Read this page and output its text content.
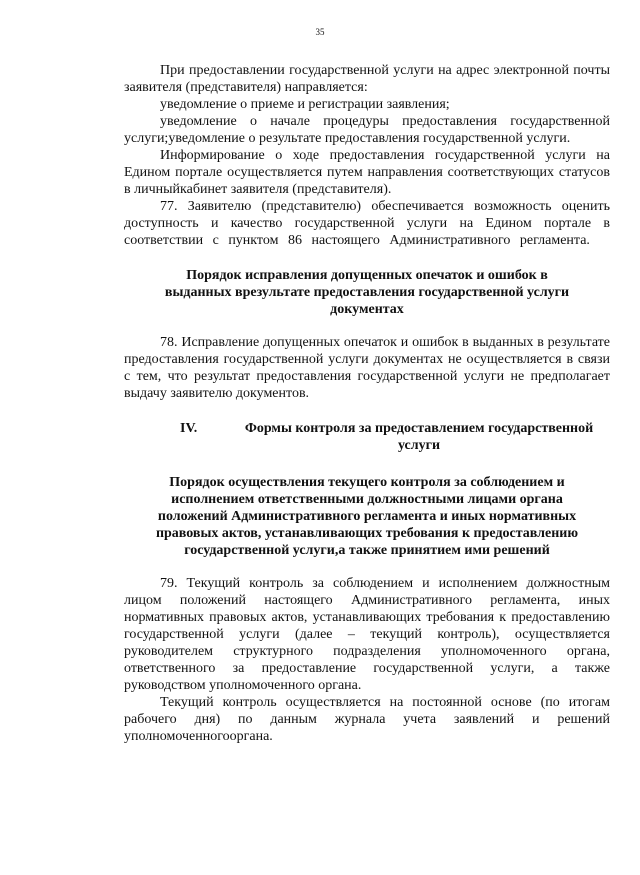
35

При предоставлении государственной услуги на адрес электронной почты заявителя (представителя) направляется:

уведомление о приеме и регистрации заявления;

уведомление о начале процедуры предоставления государственной услуги;уведомление о результате предоставления государственной услуги.

Информирование о ходе предоставления государственной услуги на Едином портале осуществляется путем направления соответствующих статусов в личныйкабинет заявителя (представителя).

77. Заявителю (представителю) обеспечивается возможность оценить доступность и качество государственной услуги на Едином портале в соответствии с пунктом 86 настоящего Административного регламента.

Порядок исправления допущенных опечаток и ошибок в
выданных врезультате предоставления государственной услуги
документах

78. Исправление допущенных опечаток и ошибок в выданных в результате предоставления государственной услуги документах не осуществляется в связи с тем, что результат предоставления государственной услуги не предполагает выдачу заявителю документов.

IV.	Формы контроля за предоставлением государственной
услуги
Порядок осуществления текущего контроля за соблюдением и
исполнением ответственными должностными лицами органа
положений Административного регламента и иных нормативных
правовых актов, устанавливающих требования к предоставлению
государственной услуги,а также принятием ими решений

79. Текущий контроль за соблюдением и исполнением должностным лицом положений настоящего Административного регламента, иных нормативных правовых актов, устанавливающих требования к предоставлению государственной услуги (далее – текущий контроль), осуществляется руководителем структурного подразделения уполномоченного органа, ответственного за предоставление государственной услуги, а также руководством уполномоченного органа.

Текущий контроль осуществляется на постоянной основе (по итогам рабочего дня) по данным журнала учета заявлений и решений уполномоченногооргана.
